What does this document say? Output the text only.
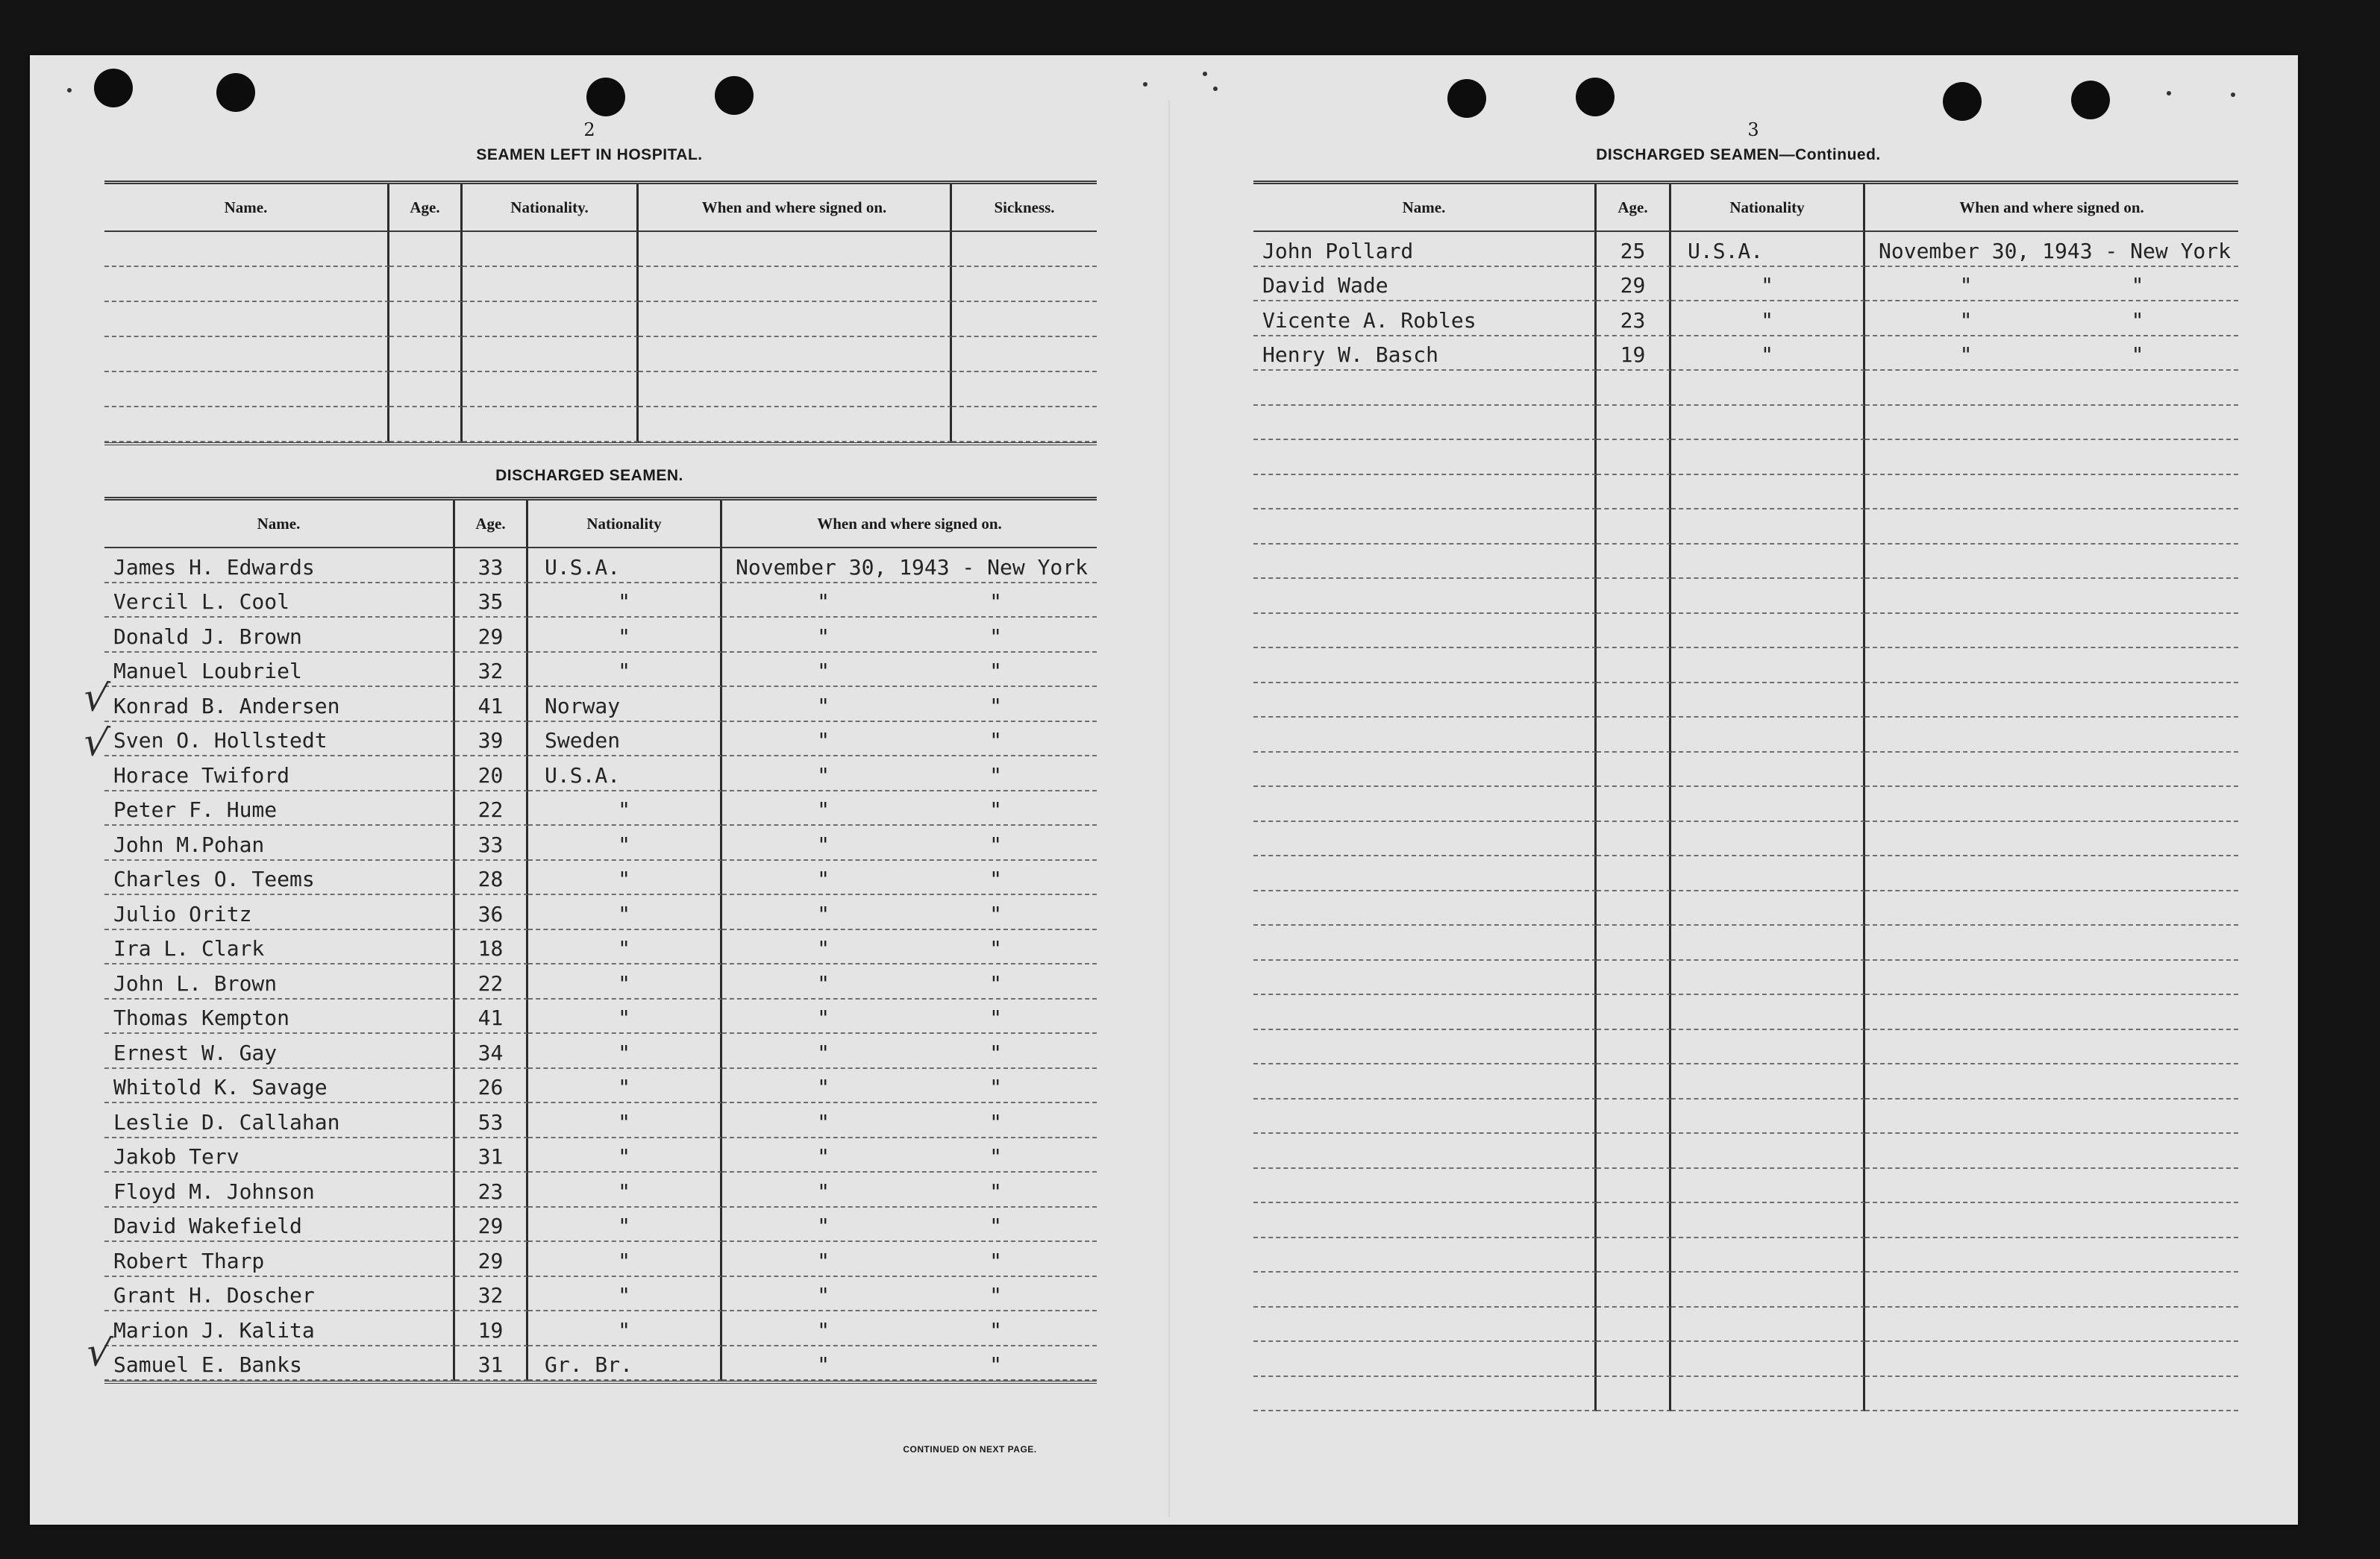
2
SEAMEN LEFT IN HOSPITAL.
Name.	Age.	Nationality.	When and where signed on.	Sickness.
DISCHARGED SEAMEN.
Name.	Age.	Nationality	When and where signed on.
James H. Edwards	33	U.S.A.	November 30, 1943 - New York
Vercil L. Cool	35	"	"	"
Donald J. Brown	29	"	"	"
Manuel Loubriel	32	"	"	"
Konrad B. Andersen	41	Norway	"	"
Sven O. Hollstedt	39	Sweden	"	"
Horace Twiford	20	U.S.A.	"	"
Peter F. Hume	22	"	"	"
John M.Pohan	33	"	"	"
Charles O. Teems	28	"	"	"
Julio Oritz	36	"	"	"
Ira L. Clark	18	"	"	"
John L. Brown	22	"	"	"
Thomas Kempton	41	"	"	"
Ernest W. Gay	34	"	"	"
Whitold K. Savage	26	"	"	"
Leslie D. Callahan	53	"	"	"
Jakob Terv	31	"	"	"
Floyd M. Johnson	23	"	"	"
David Wakefield	29	"	"	"
Robert Tharp	29	"	"	"
Grant H. Doscher	32	"	"	"
Marion J. Kalita	19	"	"	"
Samuel E. Banks	31	Gr. Br.	"	"
CONTINUED ON NEXT PAGE.
√
√
√
3
DISCHARGED SEAMEN—Continued.
Name.	Age.	Nationality	When and where signed on.
John Pollard	25	U.S.A.	November 30, 1943 - New York
David Wade	29	"	"	"
Vicente A. Robles	23	"	"	"
Henry W. Basch	19	"	"	"
